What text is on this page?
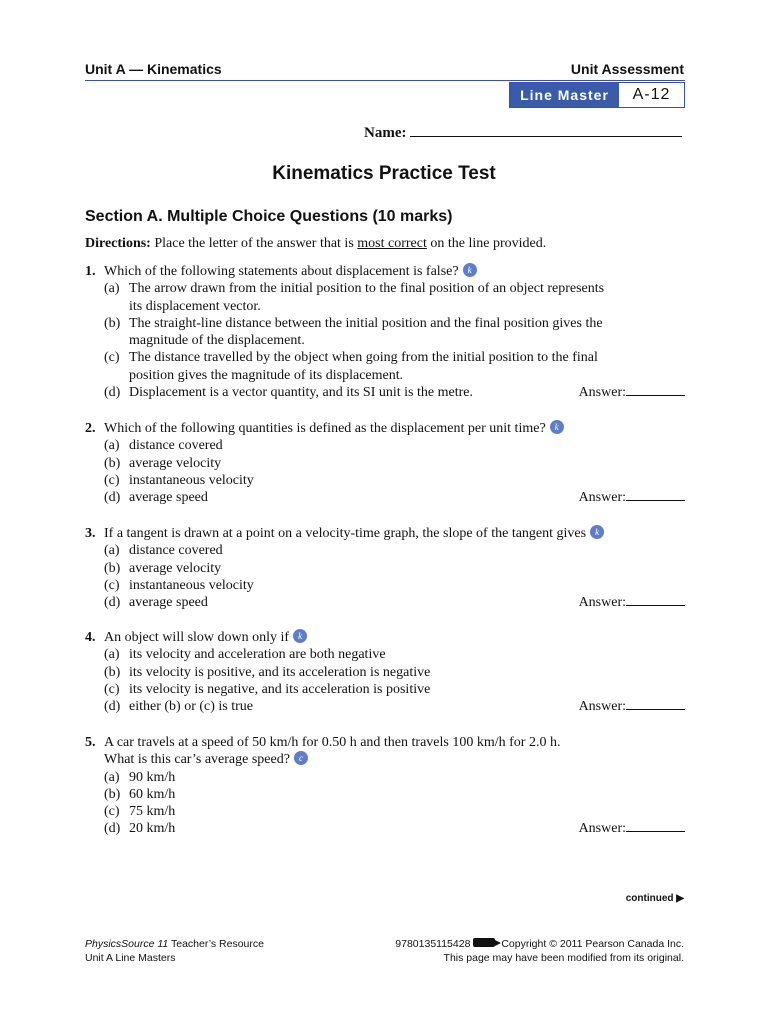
Unit A — Kinematics	Unit Assessment
Line Master	A-12
Name:
Kinematics Practice Test
Section A. Multiple Choice Questions (10 marks)
Directions: Place the letter of the answer that is most correct on the line provided.
1. Which of the following statements about displacement is false? k
(a) The arrow drawn from the initial position to the final position of an object represents
its displacement vector.
(b) The straight-line distance between the initial position and the final position gives the
magnitude of the displacement.
(c) The distance travelled by the object when going from the initial position to the final
position gives the magnitude of its displacement.
(d) Displacement is a vector quantity, and its SI unit is the metre.	Answer:
2. Which of the following quantities is defined as the displacement per unit time? k
(a) distance covered
(b) average velocity
(c) instantaneous velocity
(d) average speed	Answer:
3. If a tangent is drawn at a point on a velocity-time graph, the slope of the tangent gives k
(a) distance covered
(b) average velocity
(c) instantaneous velocity
(d) average speed	Answer:
4. An object will slow down only if k
(a) its velocity and acceleration are both negative
(b) its velocity is positive, and its acceleration is negative
(c) its velocity is negative, and its acceleration is positive
(d) either (b) or (c) is true	Answer:
5. A car travels at a speed of 50 km/h for 0.50 h and then travels 100 km/h for 2.0 h.
What is this car’s average speed? c
(a) 90 km/h
(b) 60 km/h
(c) 75 km/h
(d) 20 km/h	Answer:
continued ▶
PhysicsSource 11 Teacher’s Resource
Unit A Line Masters
9780135115428	Copyright © 2011 Pearson Canada Inc.
This page may have been modified from its original.
